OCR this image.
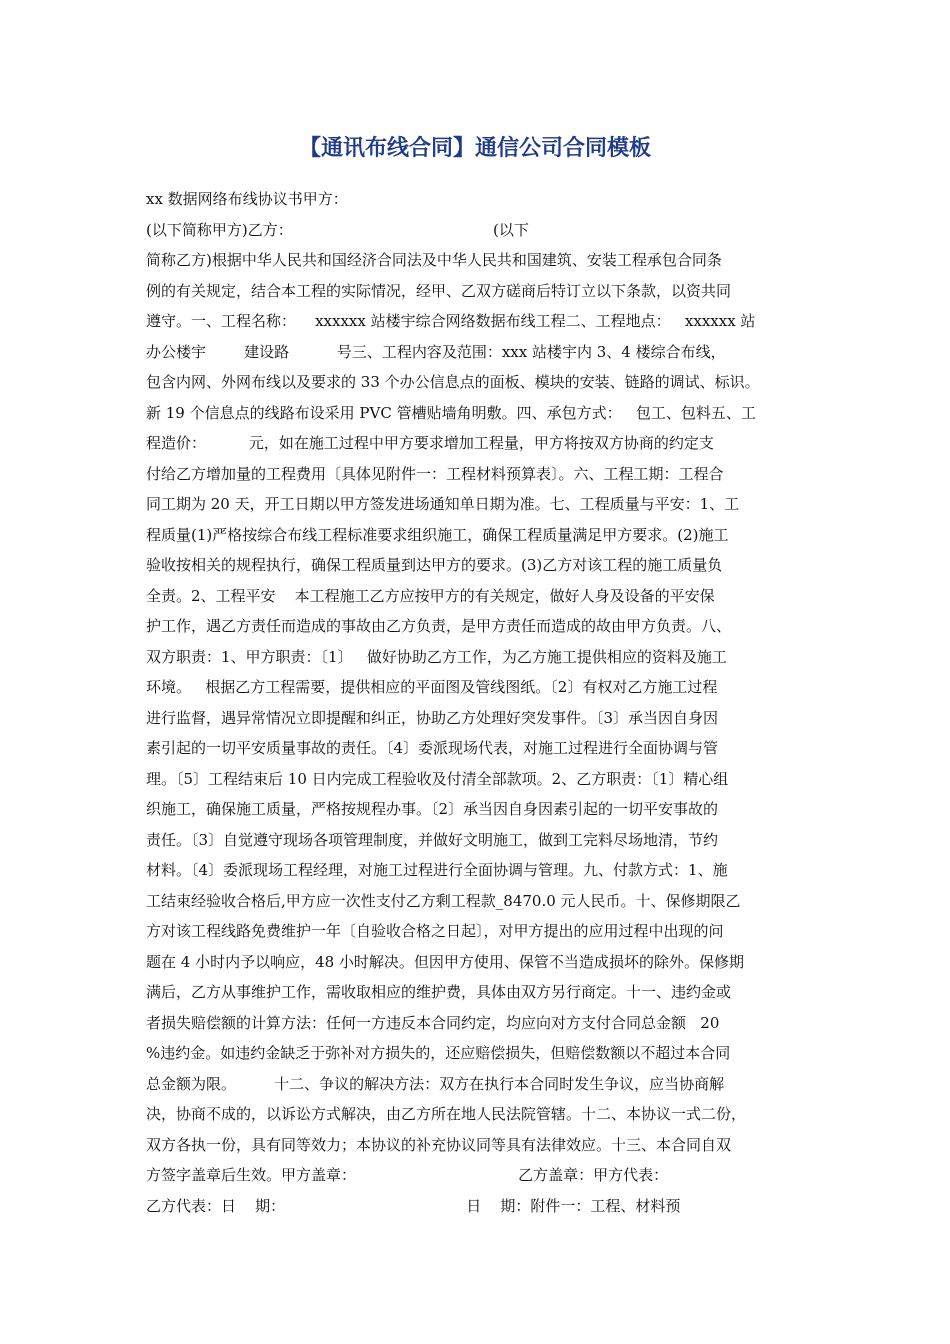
【通讯布线合同】通信公司合同模板
xx 数据网络布线协议书甲方：
(以下简称甲方)乙方：                                          (以下
简称乙方)根据中华人民共和国经济合同法及中华人民共和国建筑、安装工程承包合同条
例的有关规定，结合本工程的实际情况，经甲、乙双方磋商后特订立以下条款，以资共同
遵守。一、工程名称：    xxxxxx 站楼宇综合网络数据布线工程二、工程地点：   xxxxxx 站
办公楼宇        建设路          号三、工程内容及范围：xxx 站楼宇内 3、4 楼综合布线，
包含内网、外网布线以及要求的 33 个办公信息点的面板、模块的安装、链路的调试、标识。
新 19 个信息点的线路布设采用 PVC 管槽贴墙角明敷。四、承包方式：   包工、包料五、工
程造价：         元，如在施工过程中甲方要求增加工程量，甲方将按双方协商的约定支
付给乙方增加量的工程费用〔具体见附件一：工程材料预算表〕。六、工程工期：工程合
同工期为 20 天，开工日期以甲方签发进场通知单日期为准。七、工程质量与平安：1、工
程质量(1)严格按综合布线工程标准要求组织施工，确保工程质量满足甲方要求。(2)施工
验收按相关的规程执行，确保工程质量到达甲方的要求。(3)乙方对该工程的施工质量负
全责。2、工程平安    本工程施工乙方应按甲方的有关规定，做好人身及设备的平安保
护工作，遇乙方责任而造成的事故由乙方负责，是甲方责任而造成的故由甲方负责。八、
双方职责：1、甲方职责：〔1〕   做好协助乙方工作，为乙方施工提供相应的资料及施工
环境。   根据乙方工程需要，提供相应的平面图及管线图纸。〔2〕有权对乙方施工过程
进行监督，遇异常情况立即提醒和纠正，协助乙方处理好突发事件。〔3〕承当因自身因
素引起的一切平安质量事故的责任。〔4〕委派现场代表，对施工过程进行全面协调与管
理。〔5〕工程结束后 10 日内完成工程验收及付清全部款项。2、乙方职责：〔1〕精心组
织施工，确保施工质量，严格按规程办事。〔2〕承当因自身因素引起的一切平安事故的
责任。〔3〕自觉遵守现场各项管理制度，并做好文明施工，做到工完料尽场地清，节约
材料。〔4〕委派现场工程经理，对施工过程进行全面协调与管理。九、付款方式：1、施
工结束经验收合格后,甲方应一次性支付乙方剩工程款_8470.0 元人民币。十、保修期限乙
方对该工程线路免费维护一年〔自验收合格之日起〕，对甲方提出的应用过程中出现的问
题在 4 小时内予以响应，48 小时解决。但因甲方使用、保管不当造成损坏的除外。保修期
满后，乙方从事维护工作，需收取相应的维护费，具体由双方另行商定。十一、违约金或
者损失赔偿额的计算方法：任何一方违反本合同约定，均应向对方支付合同总金额   20
%违约金。如违约金缺乏于弥补对方损失的，还应赔偿损失，但赔偿数额以不超过本合同
总金额为限。        十二、争议的解决方法：双方在执行本合同时发生争议，应当协商解
决，协商不成的，以诉讼方式解决，由乙方所在地人民法院管辖。十二、本协议一式二份，
双方各执一份，具有同等效力；本协议的补充协议同等具有法律效应。十三、本合同自双
方签字盖章后生效。甲方盖章：                                  乙方盖章：甲方代表：
乙方代表：日    期：                                      日    期：附件一：工程、材料预
